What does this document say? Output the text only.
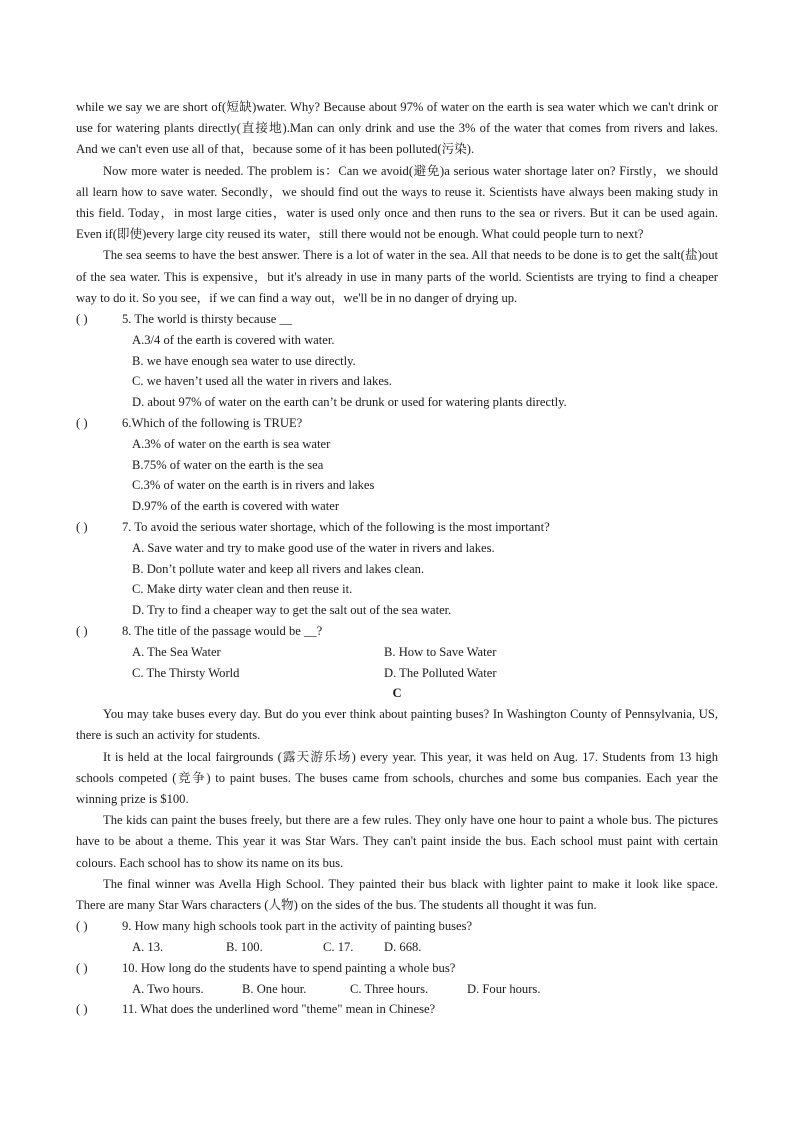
while we say we are short of(短缺)water. Why? Because about 97% of water on the earth is sea water which we can't drink or use for watering plants directly(直接地).Man can only drink and use the 3% of the water that comes from rivers and lakes. And we can't even use all of that，because some of it has been polluted(污染).

Now more water is needed. The problem is：Can we avoid(避免)a serious water shortage later on? Firstly，we should all learn how to save water. Secondly，we should find out the ways to reuse it. Scientists have always been making study in this field. Today，in most large cities，water is used only once and then runs to the sea or rivers. But it can be used again. Even if(即使)every large city reused its water，still there would not be enough. What could people turn to next?

The sea seems to have the best answer. There is a lot of water in the sea. All that needs to be done is to get the salt(盐)out of the sea water. This is expensive，but it's already in use in many parts of the world. Scientists are trying to find a cheaper way to do it. So you see，if we can find a way out，we'll be in no danger of drying up.

( )	5. The world is thirsty because __
A.3/4 of the earth is covered with water.
B. we have enough sea water to use directly.
C. we haven’t used all the water in rivers and lakes.
D. about 97% of water on the earth can’t be drunk or used for watering plants directly.
( )	6.Which of the following is TRUE?
A.3% of water on the earth is sea water
B.75% of water on the earth is the sea
C.3% of water on the earth is in rivers and lakes
D.97% of the earth is covered with water
( )	7. To avoid the serious water shortage, which of the following is the most important?
A. Save water and try to make good use of the water in rivers and lakes.
B. Don’t pollute water and keep all rivers and lakes clean.
C. Make dirty water clean and then reuse it.
D. Try to find a cheaper way to get the salt out of the sea water.
( )	8. The title of the passage would be __?
A. The Sea Water	B. How to Save Water
C. The Thirsty World	D. The Polluted Water
C

You may take buses every day. But do you ever think about painting buses? In Washington County of Pennsylvania, US, there is such an activity for students.

It is held at the local fairgrounds (露天游乐场) every year. This year, it was held on Aug. 17. Students from 13 high schools competed (竞争) to paint buses. The buses came from schools, churches and some bus companies. Each year the winning prize is $100.

The kids can paint the buses freely, but there are a few rules. They only have one hour to paint a whole bus. The pictures have to be about a theme. This year it was Star Wars. They can't paint inside the bus. Each school must paint with certain colours. Each school has to show its name on its bus.

The final winner was Avella High School. They painted their bus black with lighter paint to make it look like space. There are many Star Wars characters (人物) on the sides of the bus. The students all thought it was fun.

( )	9. How many high schools took part in the activity of painting buses?
A. 13.	B. 100.	C. 17. D. 668.
( )	10. How long do the students have to spend painting a whole bus?
A. Two hours.	B. One hour.	C. Three hours.	D. Four hours.
( )	11. What does the underlined word "theme" mean in Chinese?
